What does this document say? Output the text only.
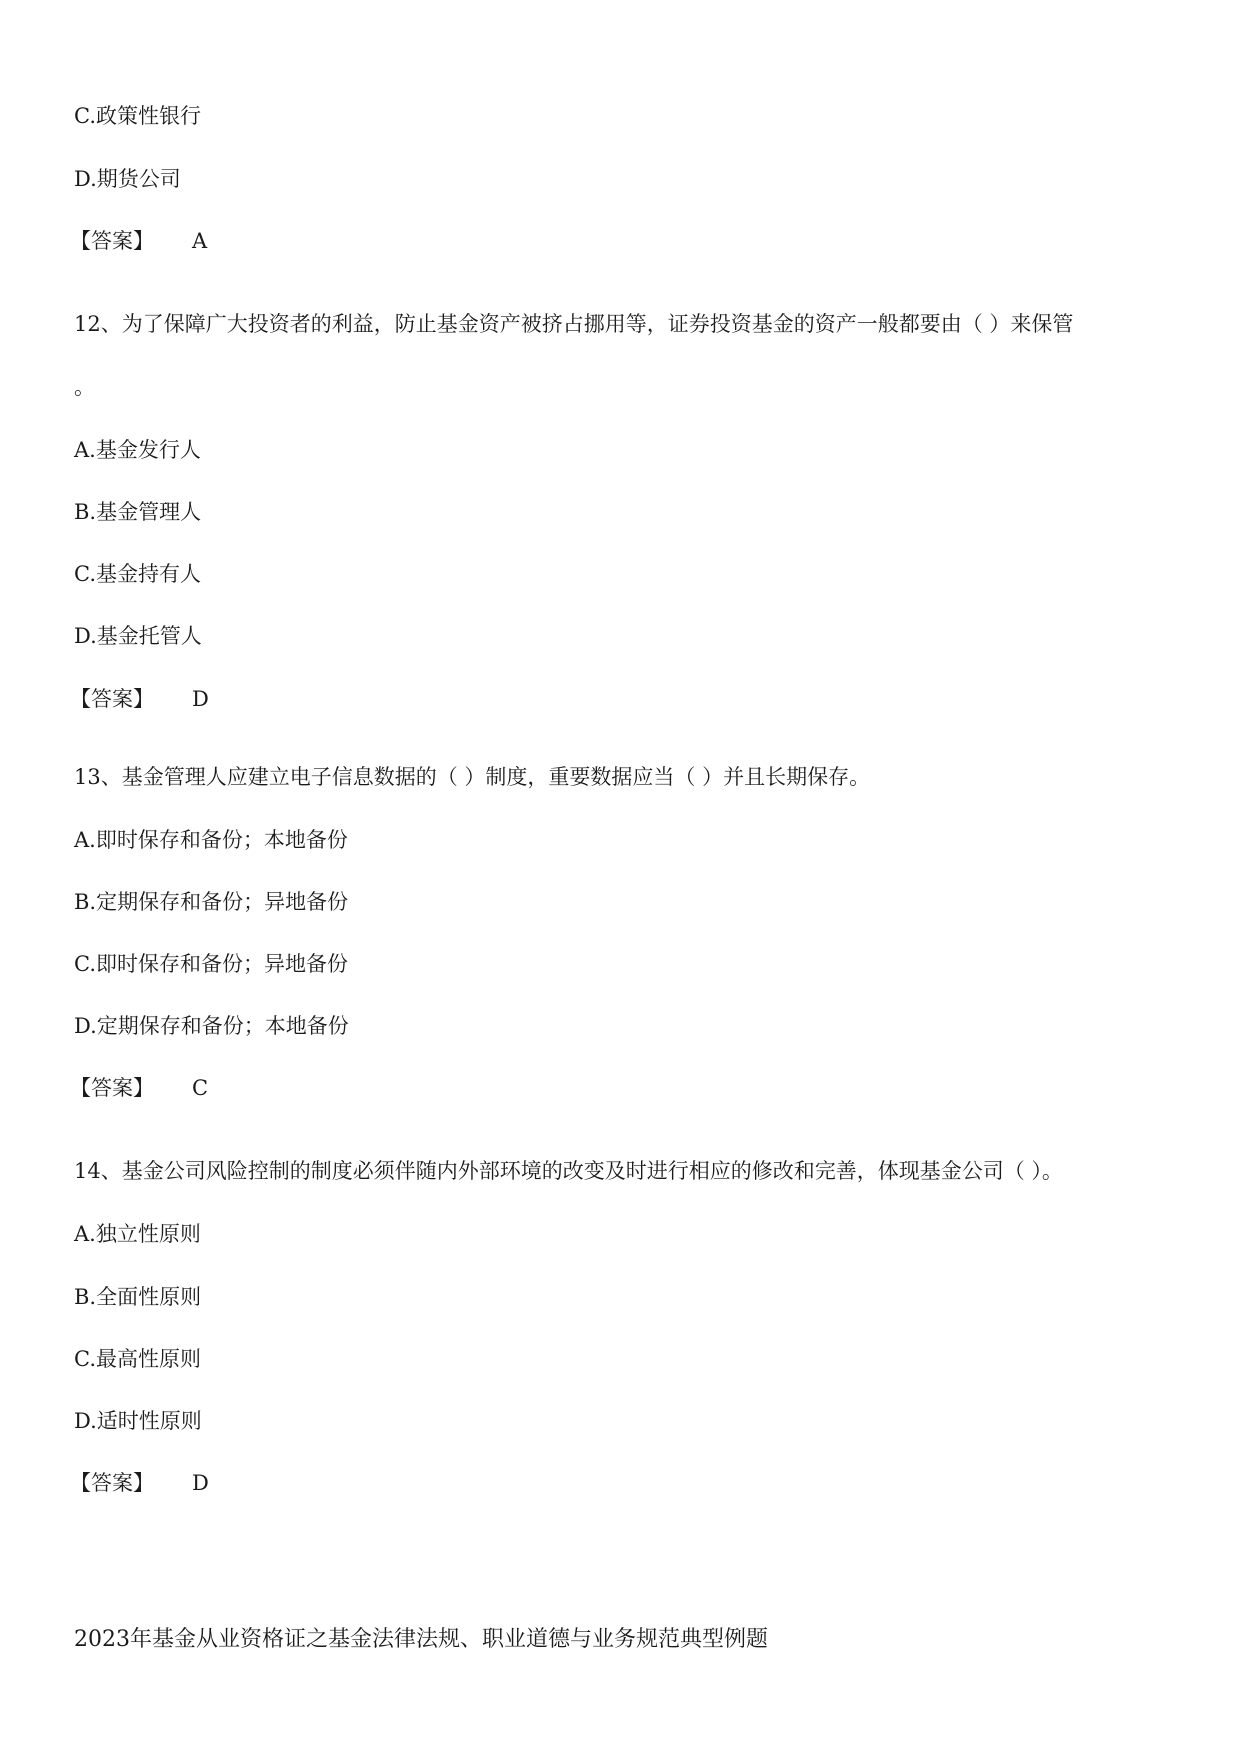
C.政策性银行
D.期货公司
【答案】 A
12、为了保障广大投资者的利益，防止基金资产被挤占挪用等，证券投资基金的资产一般都要由（ ）来保管
。
A.基金发行人
B.基金管理人
C.基金持有人
D.基金托管人
【答案】 D
13、基金管理人应建立电子信息数据的（ ）制度，重要数据应当（ ）并且长期保存。
A.即时保存和备份；本地备份
B.定期保存和备份；异地备份
C.即时保存和备份；异地备份
D.定期保存和备份；本地备份
【答案】 C
14、基金公司风险控制的制度必须伴随内外部环境的改变及时进行相应的修改和完善，体现基金公司（ ）。
A.独立性原则
B.全面性原则
C.最高性原则
D.适时性原则
【答案】 D
2023年基金从业资格证之基金法律法规、职业道德与业务规范典型例题
